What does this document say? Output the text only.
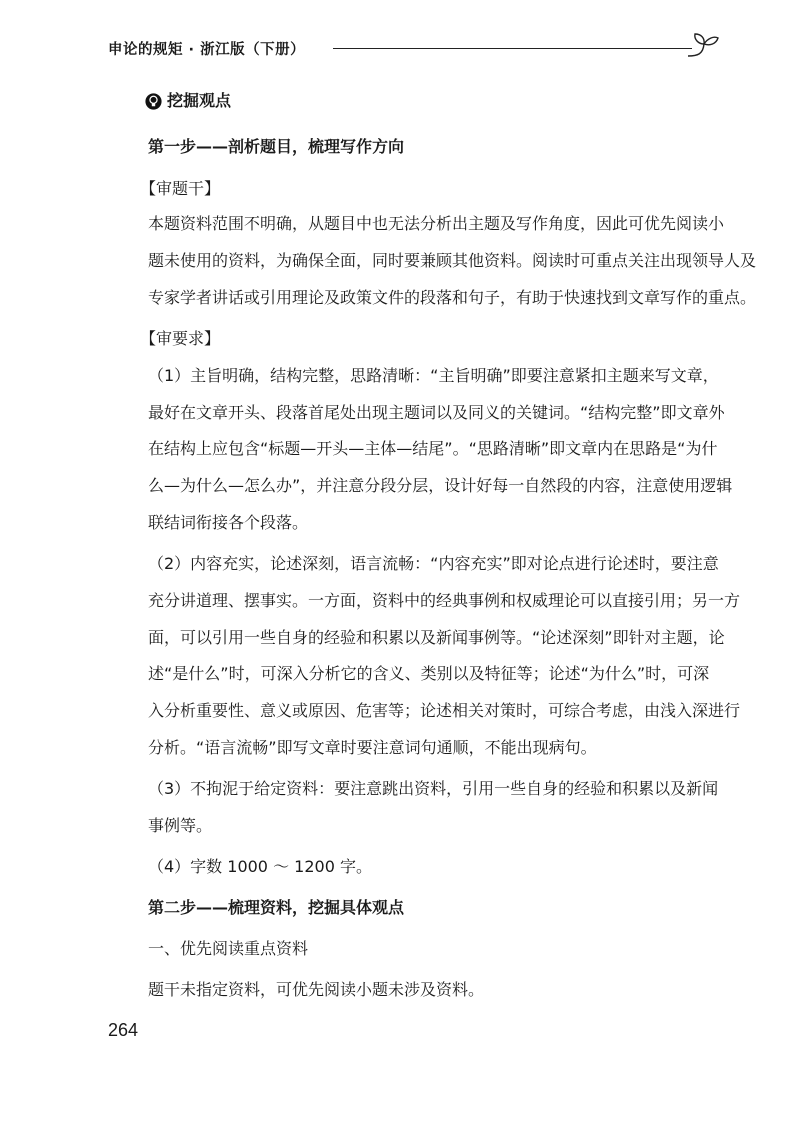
申论的规矩 · 浙江版（下册）
挖掘观点
第一步——剖析题目，梳理写作方向
【审题干】
本题资料范围不明确，从题目中也无法分析出主题及写作角度，因此可优先阅读小
题未使用的资料，为确保全面，同时要兼顾其他资料。阅读时可重点关注出现领导人及
专家学者讲话或引用理论及政策文件的段落和句子，有助于快速找到文章写作的重点。
【审要求】
（1）主旨明确，结构完整，思路清晰：“主旨明确”即要注意紧扣主题来写文章，
最好在文章开头、段落首尾处出现主题词以及同义的关键词。“结构完整”即文章外
在结构上应包含“标题—开头—主体—结尾”。“思路清晰”即文章内在思路是“为什
么—为什么—怎么办”，并注意分段分层，设计好每一自然段的内容，注意使用逻辑
联结词衔接各个段落。
（2）内容充实，论述深刻，语言流畅：“内容充实”即对论点进行论述时，要注意
充分讲道理、摆事实。一方面，资料中的经典事例和权威理论可以直接引用；另一方
面，可以引用一些自身的经验和积累以及新闻事例等。“论述深刻”即针对主题，论
述“是什么”时，可深入分析它的含义、类别以及特征等；论述“为什么”时，可深
入分析重要性、意义或原因、危害等；论述相关对策时，可综合考虑，由浅入深进行
分析。“语言流畅”即写文章时要注意词句通顺，不能出现病句。
（3）不拘泥于给定资料：要注意跳出资料，引用一些自身的经验和积累以及新闻
事例等。
（4）字数 1000 ～ 1200 字。
第二步——梳理资料，挖掘具体观点
一、优先阅读重点资料
题干未指定资料，可优先阅读小题未涉及资料。
264
